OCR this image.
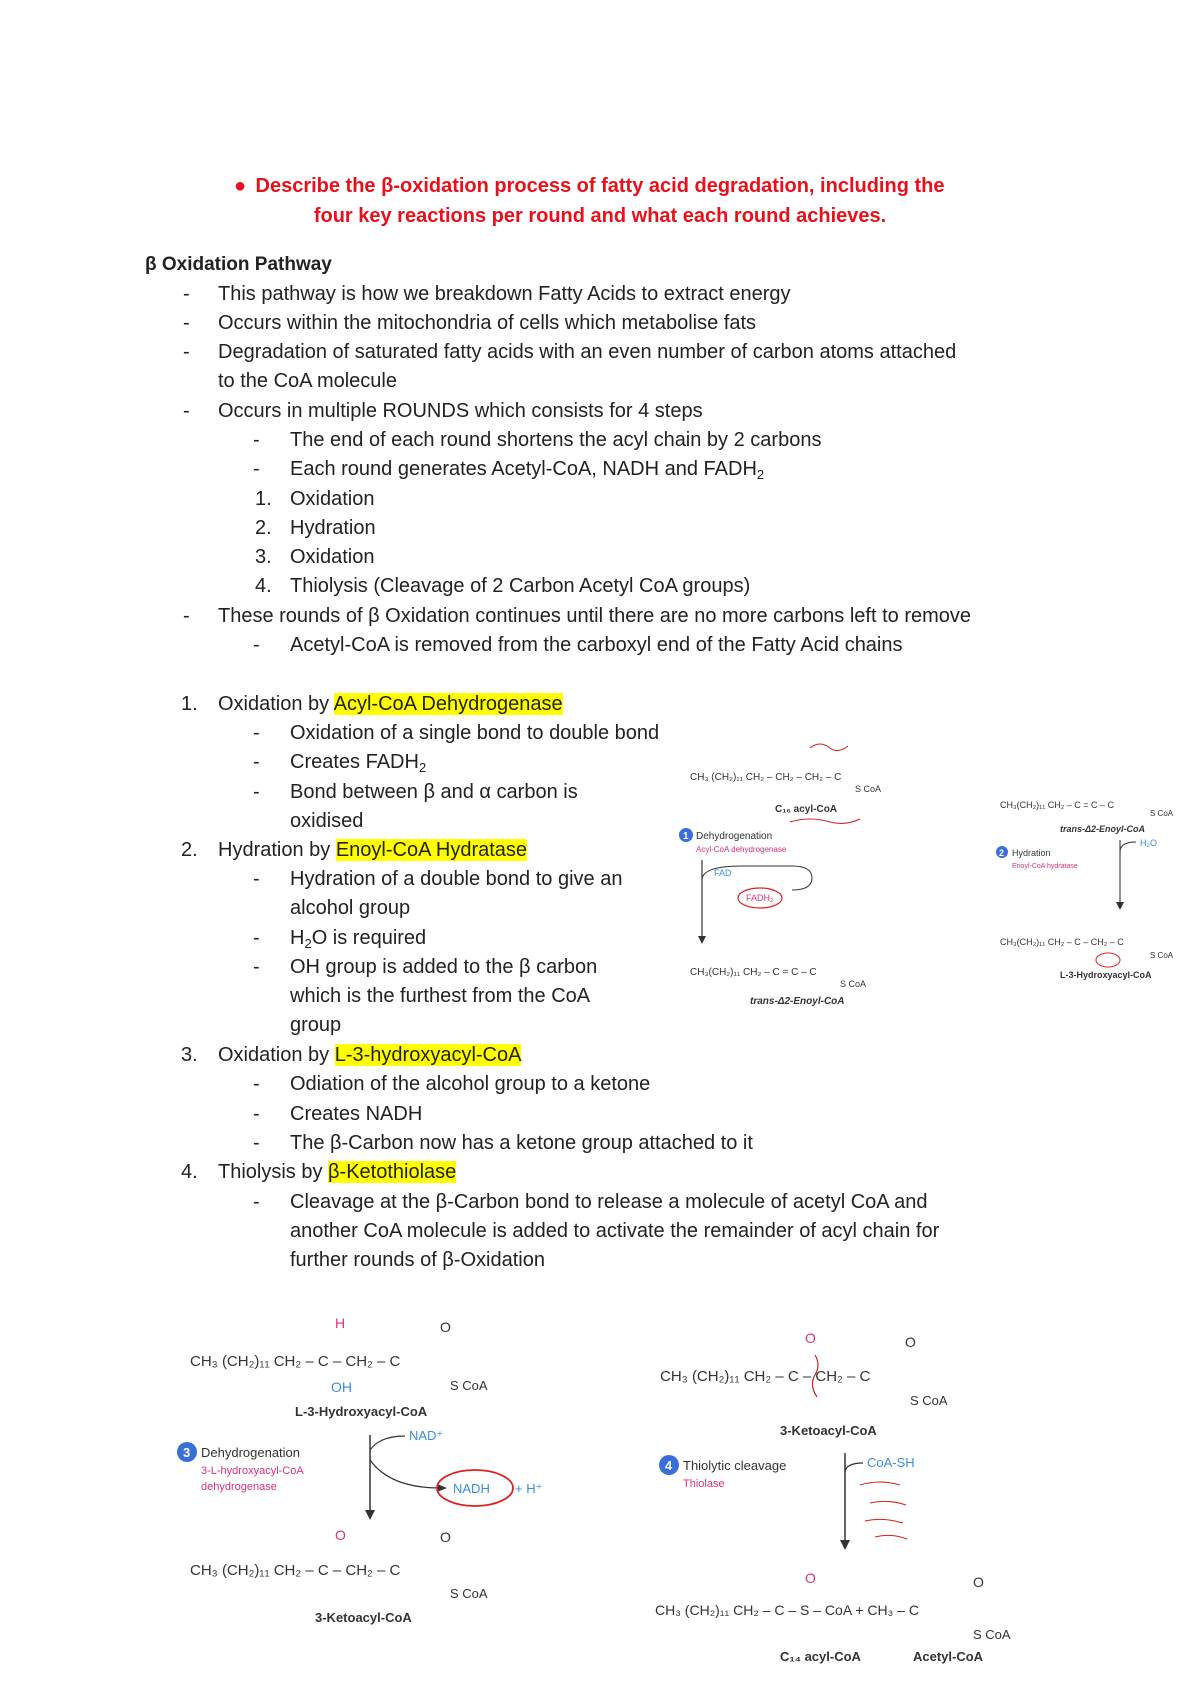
● Describe the β-oxidation process of fatty acid degradation, including the
four key reactions per round and what each round achieves.
β Oxidation Pathway
- This pathway is how we breakdown Fatty Acids to extract energy
- Occurs within the mitochondria of cells which metabolise fats
- Degradation of saturated fatty acids with an even number of carbon atoms attached
to the CoA molecule
- Occurs in multiple ROUNDS which consists for 4 steps
- The end of each round shortens the acyl chain by 2 carbons
- Each round generates Acetyl-CoA, NADH and $FADH_2$
1. Oxidation
2. Hydration
3. Oxidation
4. Thiolysis (Cleavage of 2 Carbon Acetyl CoA groups)
- These rounds of β Oxidation continues until there are no more carbons left to remove
- Acetyl-CoA is removed from the carboxyl end of the Fatty Acid chains
1. Oxidation by Acyl-CoA Dehydrogenase
- Oxidation of a single bond to double bond
- Creates $FADH_2$
- Bond between β and α carbon is
oxidised
2. Hydration by Enoyl-CoA Hydratase
- Hydration of a double bond to give an
alcohol group
- $H_2O$ is required
- OH group is added to the β carbon
which is the furthest from the CoA
group
3. Oxidation by L-3-hydroxyacyl-CoA
- Odiation of the alcohol group to a ketone
- Creates NADH
- The β-Carbon now has a ketone group attached to it
4. Thiolysis by β-Ketothiolase
- Cleavage at the β-Carbon bond to release a molecule of acetyl CoA and
another CoA molecule is added to activate the remainder of acyl chain for
further rounds of β-Oxidation
CH₃ (CH₂)₁₁ CH₂ – CH₂ – CH₂ – C
S CoA
C₁₆ acyl-CoA
1 Dehydrogenation
Acyl-CoA dehydrogenase
FAD
FADH₂
CH₃(CH₂)₁₁ CH₂ – C = C – C
S CoA
trans-Δ2-Enoyl-CoA
CH₃(CH₂)₁₁ CH₂ – C = C – C
S CoA
trans-Δ2-Enoyl-CoA
2 Hydration
Enoyl-CoA hydratase
H₂O
CH₃(CH₂)₁₁ CH₂ – C – CH₂ – C
S CoA
L-3-Hydroxyacyl-CoA
H	O
CH₃ (CH₂)₁₁ CH₂ – C – CH₂ – C
OH	S CoA
L-3-Hydroxyacyl-CoA
3 Dehydrogenation
3-L-hydroxyacyl-CoA
dehydrogenase
NAD⁺
NADH + H⁺
O	O
CH₃ (CH₂)₁₁ CH₂ – C – CH₂ – C
S CoA
3-Ketoacyl-CoA
O	O
CH₃ (CH₂)₁₁ CH₂ – C – CH₂ – C
S CoA
3-Ketoacyl-CoA
4 Thiolytic cleavage
Thiolase
CoA-SH
O	O
CH₃ (CH₂)₁₁ CH₂ – C – S – CoA + CH₃ – C
S CoA
C₁₄ acyl-CoA	Acetyl-CoA
